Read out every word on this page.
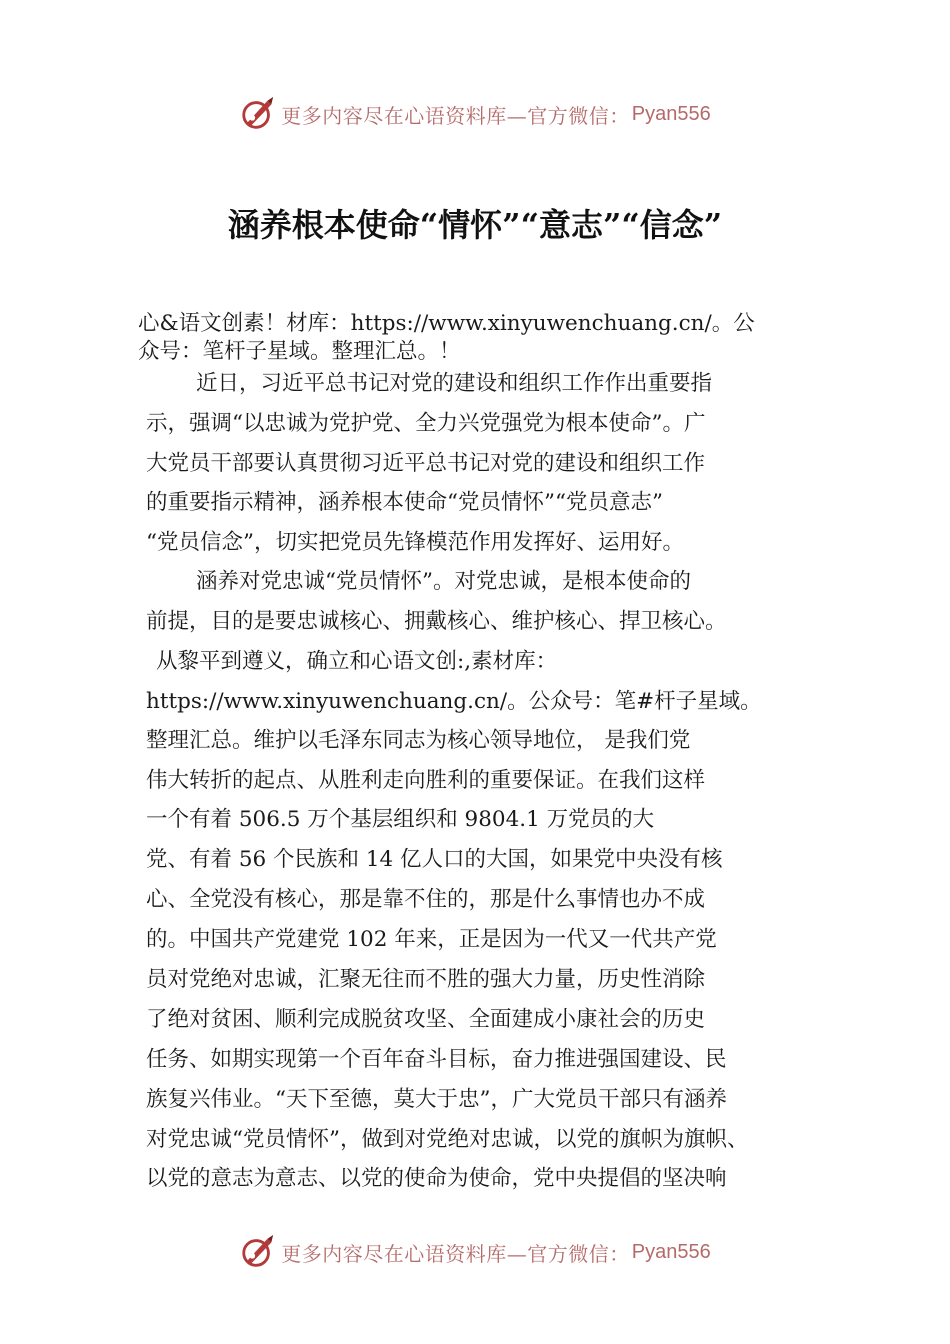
更多内容尽在心语资料库—官方微信： Pyan556
涵养根本使命“情怀”“意志”“信念”
心&语文创素！材库：https://www.xinyuwenchuang.cn/。公
众号：笔杆子星域。整理汇总。！
近日，习近平总书记对党的建设和组织工作作出重要指
示，强调“以忠诚为党护党、全力兴党强党为根本使命”。广
大党员干部要认真贯彻习近平总书记对党的建设和组织工作
的重要指示精神，涵养根本使命“党员情怀”“党员意志”
“党员信念”，切实把党员先锋模范作用发挥好、运用好。
涵养对党忠诚“党员情怀”。对党忠诚，是根本使命的
前提，目的是要忠诚核心、拥戴核心、维护核心、捍卫核心。
从黎平到遵义，确立和心语文创:,素材库：
https://www.xinyuwenchuang.cn/。公众号：笔#杆子星域。
整理汇总。维护以毛泽东同志为核心领导地位， 是我们党
伟大转折的起点、从胜利走向胜利的重要保证。在我们这样
一个有着 506.5 万个基层组织和 9804.1 万党员的大
党、有着 56 个民族和 14 亿人口的大国，如果党中央没有核
心、全党没有核心，那是靠不住的，那是什么事情也办不成
的。中国共产党建党 102 年来，正是因为一代又一代共产党
员对党绝对忠诚，汇聚无往而不胜的强大力量，历史性消除
了绝对贫困、顺利完成脱贫攻坚、全面建成小康社会的历史
任务、如期实现第一个百年奋斗目标，奋力推进强国建设、民
族复兴伟业。“天下至德，莫大于忠”，广大党员干部只有涵养
对党忠诚“党员情怀”，做到对党绝对忠诚，以党的旗帜为旗帜、
以党的意志为意志、以党的使命为使命，党中央提倡的坚决响
更多内容尽在心语资料库—官方微信： Pyan556
